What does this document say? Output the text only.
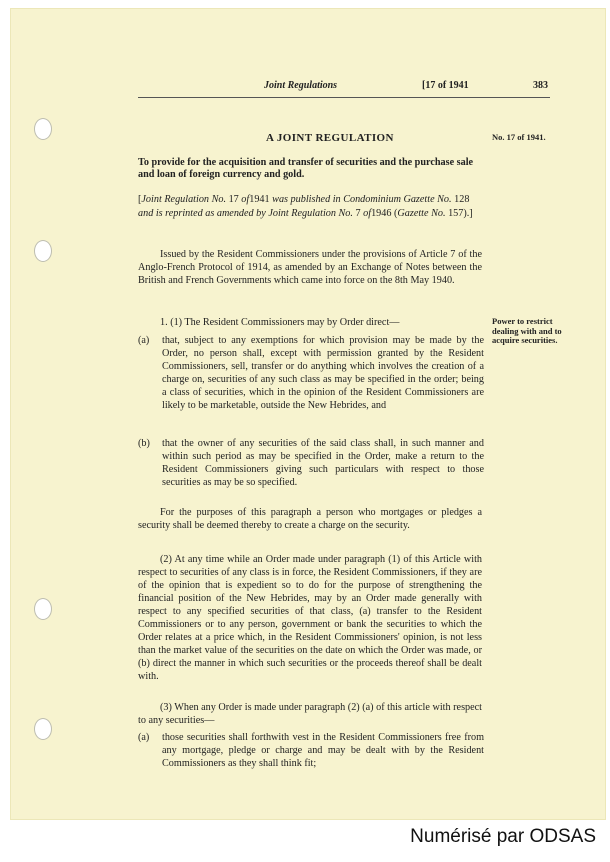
Joint Regulations	[17 of 1941	383
A JOINT REGULATION	No. 17 of 1941.
To provide for the acquisition and transfer of securities and the purchase sale and loan of foreign currency and gold.
[Joint Regulation No. 17 of1941 was published in Condominium Gazette No. 128 and is reprinted as amended by Joint Regulation No. 7 of1946 (Gazette No. 157).]
Issued by the Resident Commissioners under the provisions of Article 7 of the Anglo-French Protocol of 1914, as amended by an Exchange of Notes between the British and French Governments which came into force on the 8th May 1940.
1. (1) The Resident Commissioners may by Order direct—	Power to restrict dealing with and to acquire securities.
(a) that, subject to any exemptions for which provision may be made by the Order, no person shall, except with permission granted by the Resident Commissioners, sell, transfer or do anything which involves the creation of a charge on, securities of any such class as may be specified in the order; being a class of securities, which in the opinion of the Resident Commissioners are likely to be marketable, outside the New Hebrides, and
(b) that the owner of any securities of the said class shall, in such manner and within such period as may be specified in the Order, make a return to the Resident Commissioners giving such particulars with respect to those securities as may be so specified.
For the purposes of this paragraph a person who mortgages or pledges a security shall be deemed thereby to create a charge on the security.
(2) At any time while an Order made under paragraph (1) of this Article with respect to securities of any class is in force, the Resident Commissioners, if they are of the opinion that is expedient so to do for the purpose of strengthening the financial position of the New Hebrides, may by an Order made generally with respect to any specified securities of that class, (a) transfer to the Resident Commissioners or to any person, government or bank the securities to which the Order relates at a price which, in the Resident Commissioners' opinion, is not less than the market value of the securities on the date on which the Order was made, or (b) direct the manner in which such securities or the proceeds thereof shall be dealt with.
(3) When any Order is made under paragraph (2) (a) of this article with respect to any securities—
(a) those securities shall forthwith vest in the Resident Commissioners free from any mortgage, pledge or charge and may be dealt with by the Resident Commissioners as they shall think fit;
Numérisé par ODSAS
